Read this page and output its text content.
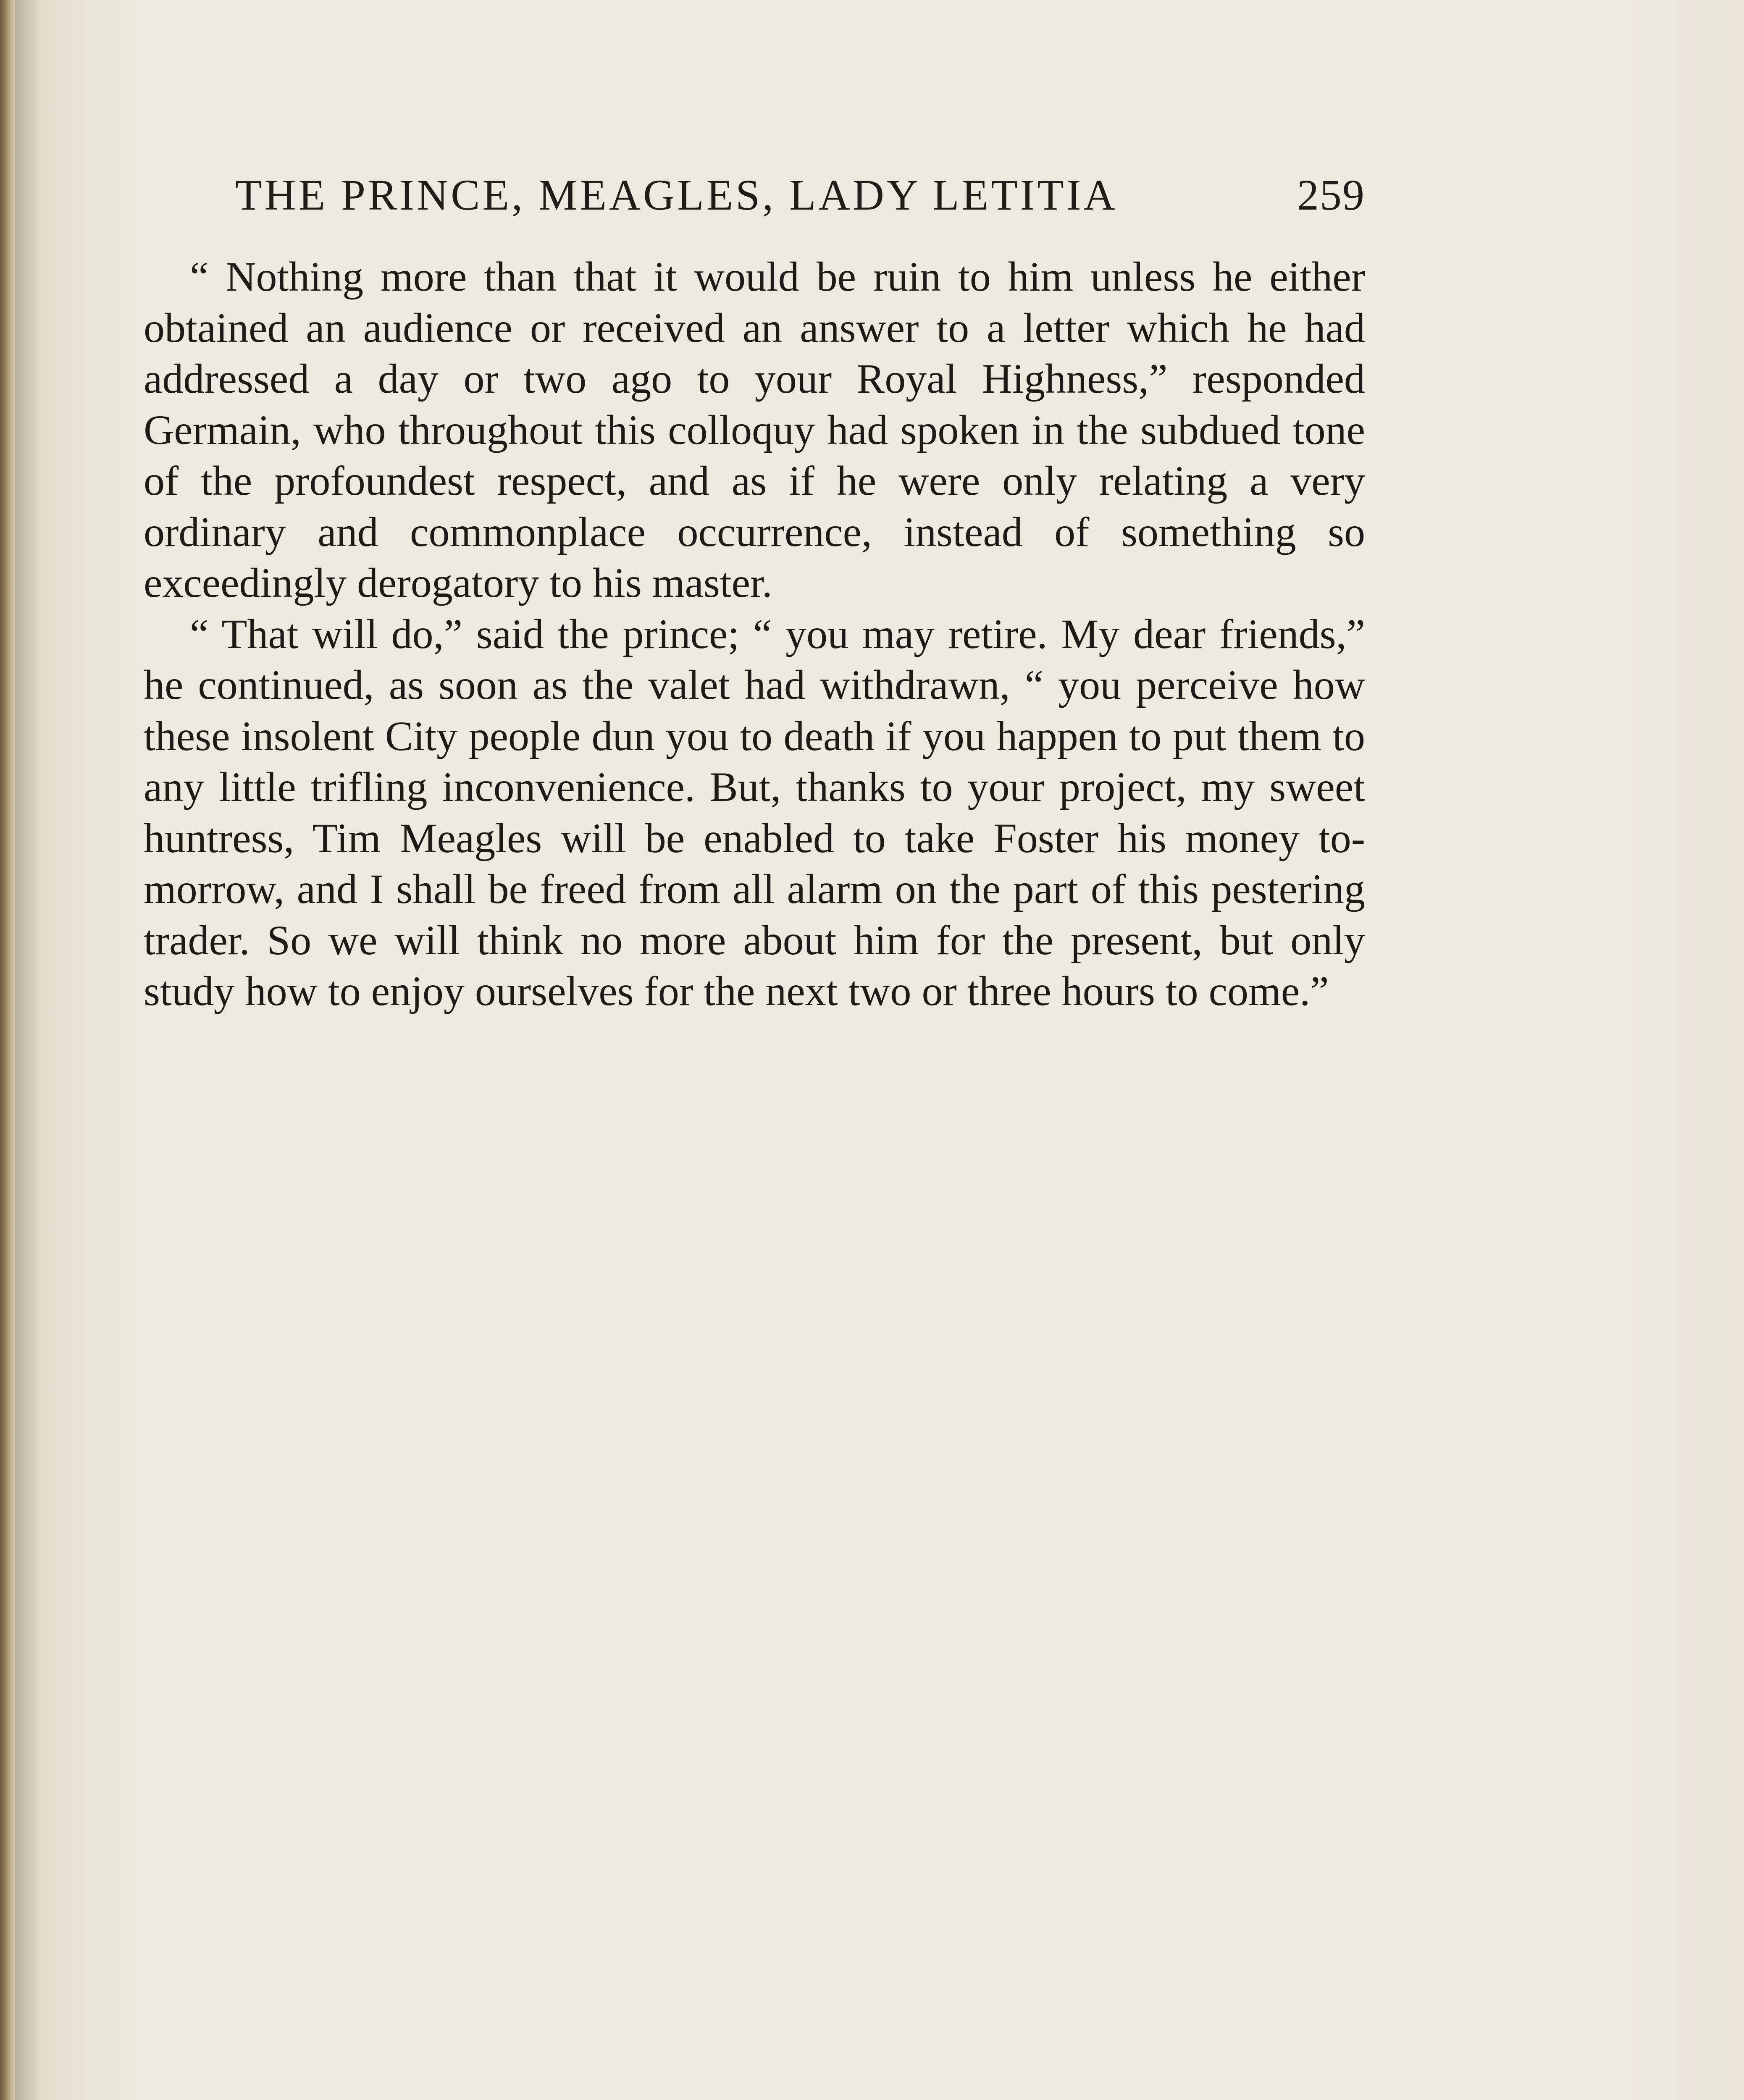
THE PRINCE, MEAGLES, LADY LETITIA	259

“ Nothing more than that it would be ruin to him unless he either obtained an audience or received an answer to a letter which he had addressed a day or two ago to your Royal Highness,” responded Germain, who throughout this colloquy had spoken in the subdued tone of the profoundest respect, and as if he were only relating a very ordinary and commonplace occurrence, instead of something so exceedingly derogatory to his master.

“ That will do,” said the prince; “ you may retire. My dear friends,” he continued, as soon as the valet had withdrawn, “ you perceive how these insolent City people dun you to death if you happen to put them to any little trifling inconvenience. But, thanks to your project, my sweet huntress, Tim Meagles will be enabled to take Foster his money to-morrow, and I shall be freed from all alarm on the part of this pestering trader. So we will think no more about him for the present, but only study how to enjoy ourselves for the next two or three hours to come.”
